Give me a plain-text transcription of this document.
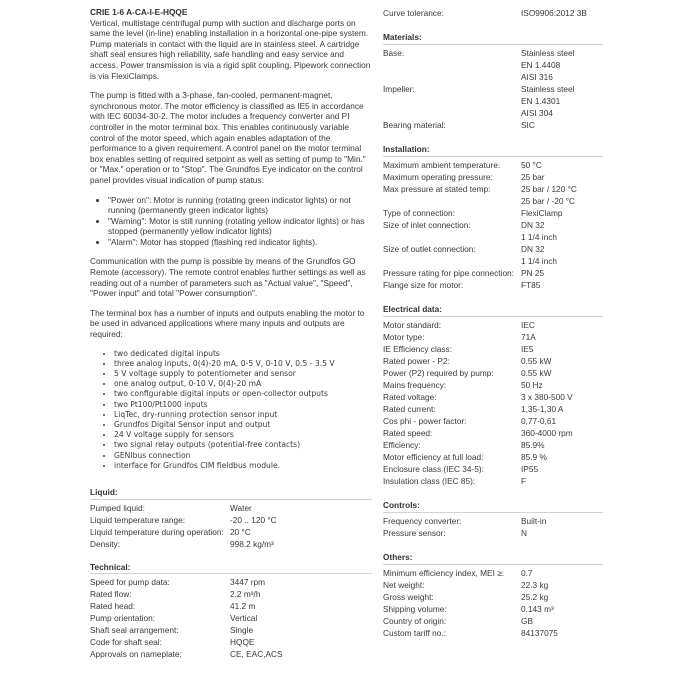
CRIE 1-6 A-CA-I-E-HQQE

Vertical, multistage centrifugal pump with suction and discharge ports on same the level (in-line) enabling installation in a horizontal one-pipe system. Pump materials in contact with the liquid are in stainless steel. A cartridge shaft seal ensures high reliability, safe handling and easy service and access. Power transmission is via a rigid split coupling. Pipework connection is via FlexiClamps.

The pump is fitted with a 3-phase, fan-cooled, permanent-magnet, synchronous motor. The motor efficiency is classified as IE5 in accordance with IEC 60034-30-2. The motor includes a frequency converter and PI controller in the motor terminal box. This enables continuously variable control of the motor speed, which again enables adaptation of the performance to a given requirement. A control panel on the motor terminal box enables setting of required setpoint as well as setting of pump to "Min." or "Max." operation or to "Stop". The Grundfos Eye indicator on the control panel provides visual indication of pump status:

• "Power on": Motor is running (rotating green indicator lights) or not running (permanently green indicator lights)
• "Warning": Motor is still running (rotating yellow indicator lights) or has stopped (permanently yellow indicator lights)
• "Alarm": Motor has stopped (flashing red indicator lights).

Communication with the pump is possible by means of the Grundfos GO Remote (accessory). The remote control enables further settings as well as reading out of a number of parameters such as "Actual value", "Speed", "Power input" and total "Power consumption".

The terminal box has a number of inputs and outputs enabling the motor to be used in advanced applications where many inputs and outputs are required:

• two dedicated digital inputs
• three analog inputs, 0(4)-20 mA, 0-5 V, 0-10 V, 0.5 - 3.5 V
• 5 V voltage supply to potentiometer and sensor
• one analog output, 0-10 V, 0(4)-20 mA
• two configurable digital inputs or open-collector outputs
• two Pt100/Pt1000 inputs
• LiqTec, dry-running protection sensor input
• Grundfos Digital Sensor input and output
• 24 V voltage supply for sensors
• two signal relay outputs (potential-free contacts)
• GENIbus connection
• interface for Grundfos CIM fieldbus module.
Liquid:
Pumped liquid:	Water
Liquid temperature range:	-20 .. 120 °C
Liquid temperature during operation:	20 °C
Density:	998.2 kg/m³
Technical:
Speed for pump data:	3447 rpm
Rated flow:	2.2 m³/h
Rated head:	41.2 m
Pump orientation:	Vertical
Shaft seal arrangement:	Single
Code for shaft seal:	HQQE
Approvals on nameplate:	CE, EAC,ACS
Curve tolerance:	ISO9906:2012 3B
Materials:
Base:	Stainless steel
	EN 1.4408
	AISI 316
Impeller:	Stainless steel
	EN 1.4301
	AISI 304
Bearing material:	SIC
Installation:
Maximum ambient temperature:	50 °C
Maximum operating pressure:	25 bar
Max pressure at stated temp:	25 bar / 120 °C
	25 bar / -20 °C
Type of connection:	FlexiClamp
Size of inlet connection:	DN 32
	1 1/4 inch
Size of outlet connection:	DN 32
	1 1/4 inch
Pressure rating for pipe connection:	PN 25
Flange size for motor:	FT85
Electrical data:
Motor standard:	IEC
Motor type:	71A
IE Efficiency class:	IE5
Rated power - P2:	0.55 kW
Power (P2) required by pump:	0.55 kW
Mains frequency:	50 Hz
Rated voltage:	3 x 380-500 V
Rated current:	1,35-1,30 A
Cos phi - power factor:	0,77-0,61
Rated speed:	360-4000 rpm
Efficiency:	85.9%
Motor efficiency at full load:	85.9 %
Enclosure class (IEC 34-5):	IP55
Insulation class (IEC 85):	F
Controls:
Frequency converter:	Built-in
Pressure sensor:	N
Others:
Minimum efficiency index, MEI ≥:	0.7
Net weight:	22.3 kg
Gross weight:	25.2 kg
Shipping volume:	0.143 m³
Country of origin:	GB
Custom tariff no.:	84137075
